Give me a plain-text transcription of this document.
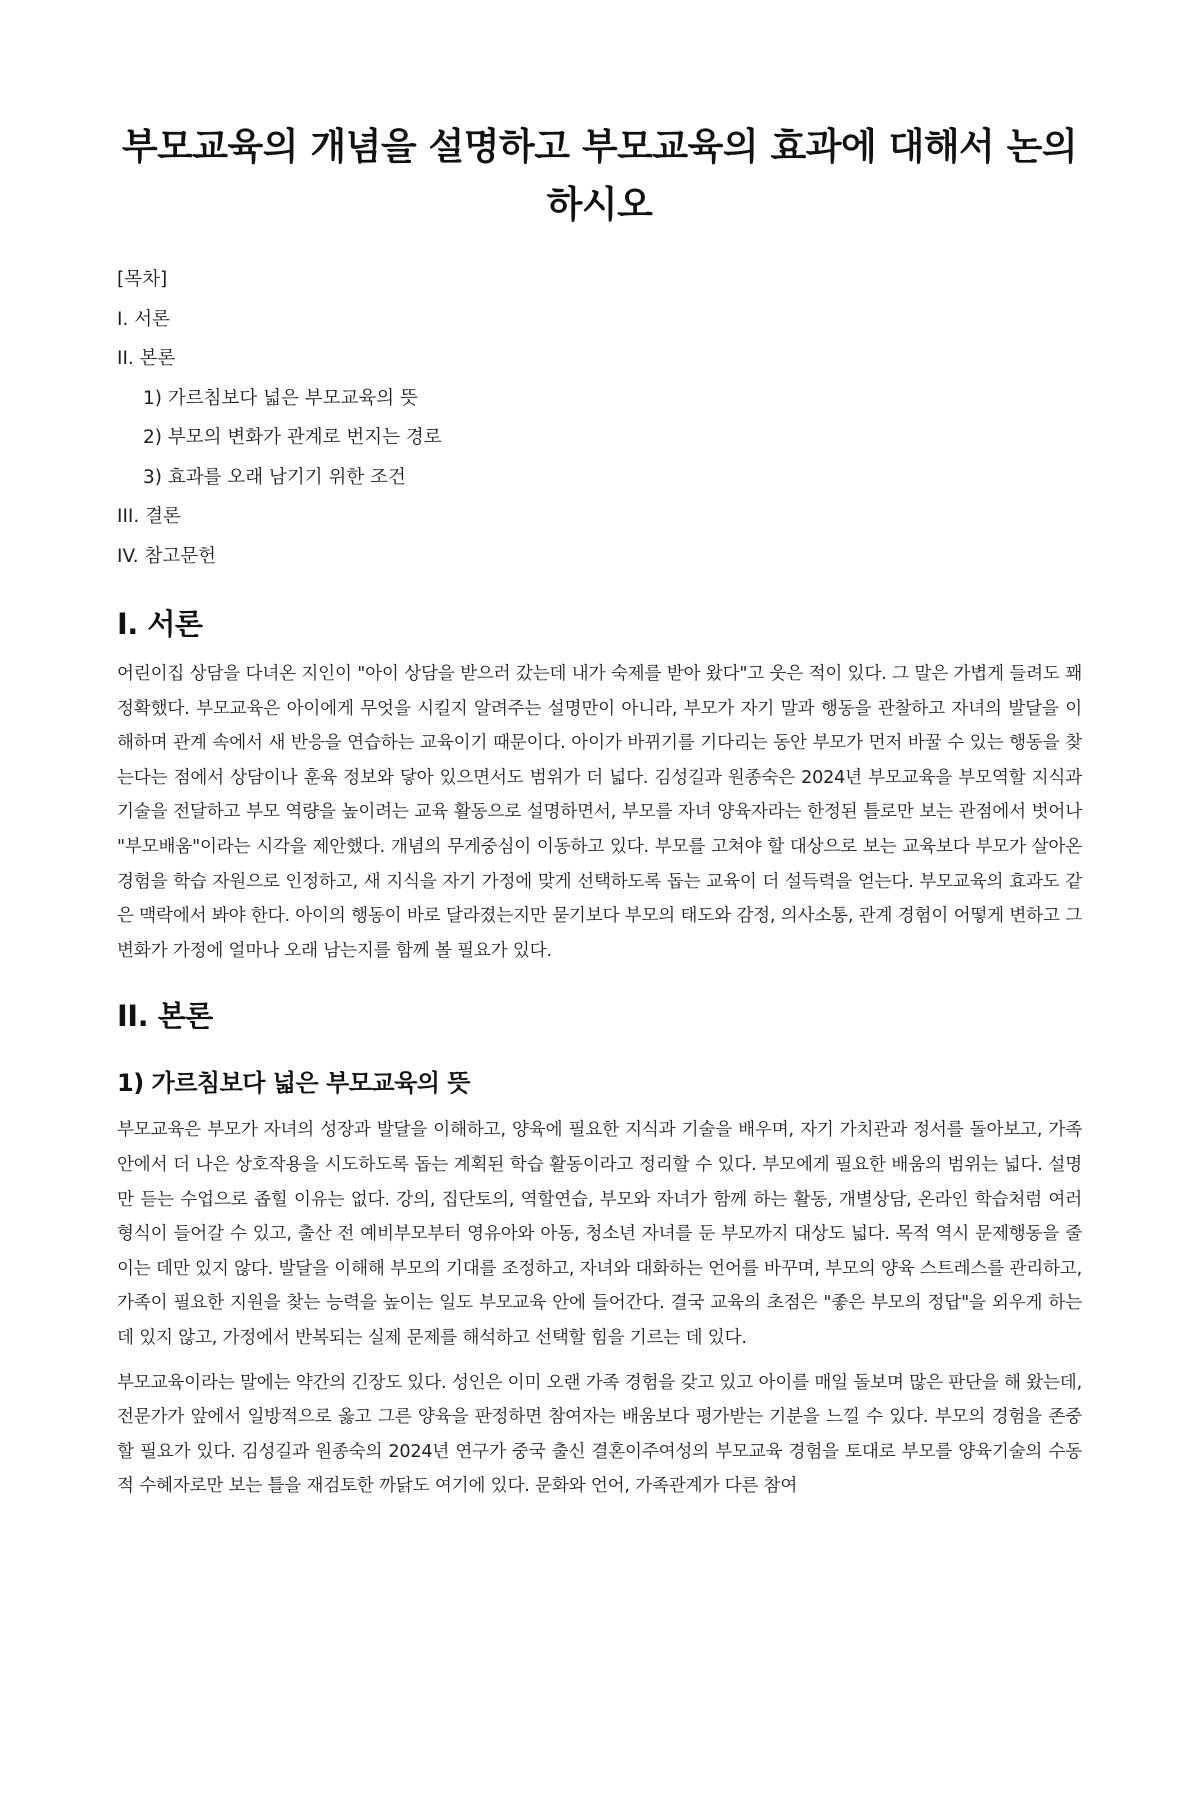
부모교육의 개념을 설명하고 부모교육의 효과에 대해서 논의하시오
[목차]
I. 서론
II. 본론
1) 가르침보다 넓은 부모교육의 뜻
2) 부모의 변화가 관계로 번지는 경로
3) 효과를 오래 남기기 위한 조건
III. 결론
IV. 참고문헌
I. 서론

어린이집 상담을 다녀온 지인이 "아이 상담을 받으러 갔는데 내가 숙제를 받아 왔다"고 웃은 적이 있다. 그 말은 가볍게 들려도 꽤 정확했다. 부모교육은 아이에게 무엇을 시킬지 알려주는 설명만이 아니라, 부모가 자기 말과 행동을 관찰하고 자녀의 발달을 이해하며 관계 속에서 새 반응을 연습하는 교육이기 때문이다. 아이가 바뀌기를 기다리는 동안 부모가 먼저 바꿀 수 있는 행동을 찾는다는 점에서 상담이나 훈육 정보와 닿아 있으면서도 범위가 더 넓다. 김성길과 원종숙은 2024년 부모교육을 부모역할 지식과 기술을 전달하고 부모 역량을 높이려는 교육 활동으로 설명하면서, 부모를 자녀 양육자라는 한정된 틀로만 보는 관점에서 벗어나 "부모배움"이라는 시각을 제안했다. 개념의 무게중심이 이동하고 있다. 부모를 고쳐야 할 대상으로 보는 교육보다 부모가 살아온 경험을 학습 자원으로 인정하고, 새 지식을 자기 가정에 맞게 선택하도록 돕는 교육이 더 설득력을 얻는다. 부모교육의 효과도 같은 맥락에서 봐야 한다. 아이의 행동이 바로 달라졌는지만 묻기보다 부모의 태도와 감정, 의사소통, 관계 경험이 어떻게 변하고 그 변화가 가정에 얼마나 오래 남는지를 함께 볼 필요가 있다.

II. 본론
1) 가르침보다 넓은 부모교육의 뜻

부모교육은 부모가 자녀의 성장과 발달을 이해하고, 양육에 필요한 지식과 기술을 배우며, 자기 가치관과 정서를 돌아보고, 가족 안에서 더 나은 상호작용을 시도하도록 돕는 계획된 학습 활동이라고 정리할 수 있다. 부모에게 필요한 배움의 범위는 넓다. 설명만 듣는 수업으로 좁힐 이유는 없다. 강의, 집단토의, 역할연습, 부모와 자녀가 함께 하는 활동, 개별상담, 온라인 학습처럼 여러 형식이 들어갈 수 있고, 출산 전 예비부모부터 영유아와 아동, 청소년 자녀를 둔 부모까지 대상도 넓다. 목적 역시 문제행동을 줄이는 데만 있지 않다. 발달을 이해해 부모의 기대를 조정하고, 자녀와 대화하는 언어를 바꾸며, 부모의 양육 스트레스를 관리하고, 가족이 필요한 지원을 찾는 능력을 높이는 일도 부모교육 안에 들어간다. 결국 교육의 초점은 "좋은 부모의 정답"을 외우게 하는 데 있지 않고, 가정에서 반복되는 실제 문제를 해석하고 선택할 힘을 기르는 데 있다.

부모교육이라는 말에는 약간의 긴장도 있다. 성인은 이미 오랜 가족 경험을 갖고 있고 아이를 매일 돌보며 많은 판단을 해 왔는데, 전문가가 앞에서 일방적으로 옳고 그른 양육을 판정하면 참여자는 배움보다 평가받는 기분을 느낄 수 있다. 부모의 경험을 존중할 필요가 있다. 김성길과 원종숙의 2024년 연구가 중국 출신 결혼이주여성의 부모교육 경험을 토대로 부모를 양육기술의 수동적 수혜자로만 보는 틀을 재검토한 까닭도 여기에 있다. 문화와 언어, 가족관계가 다른 참여
